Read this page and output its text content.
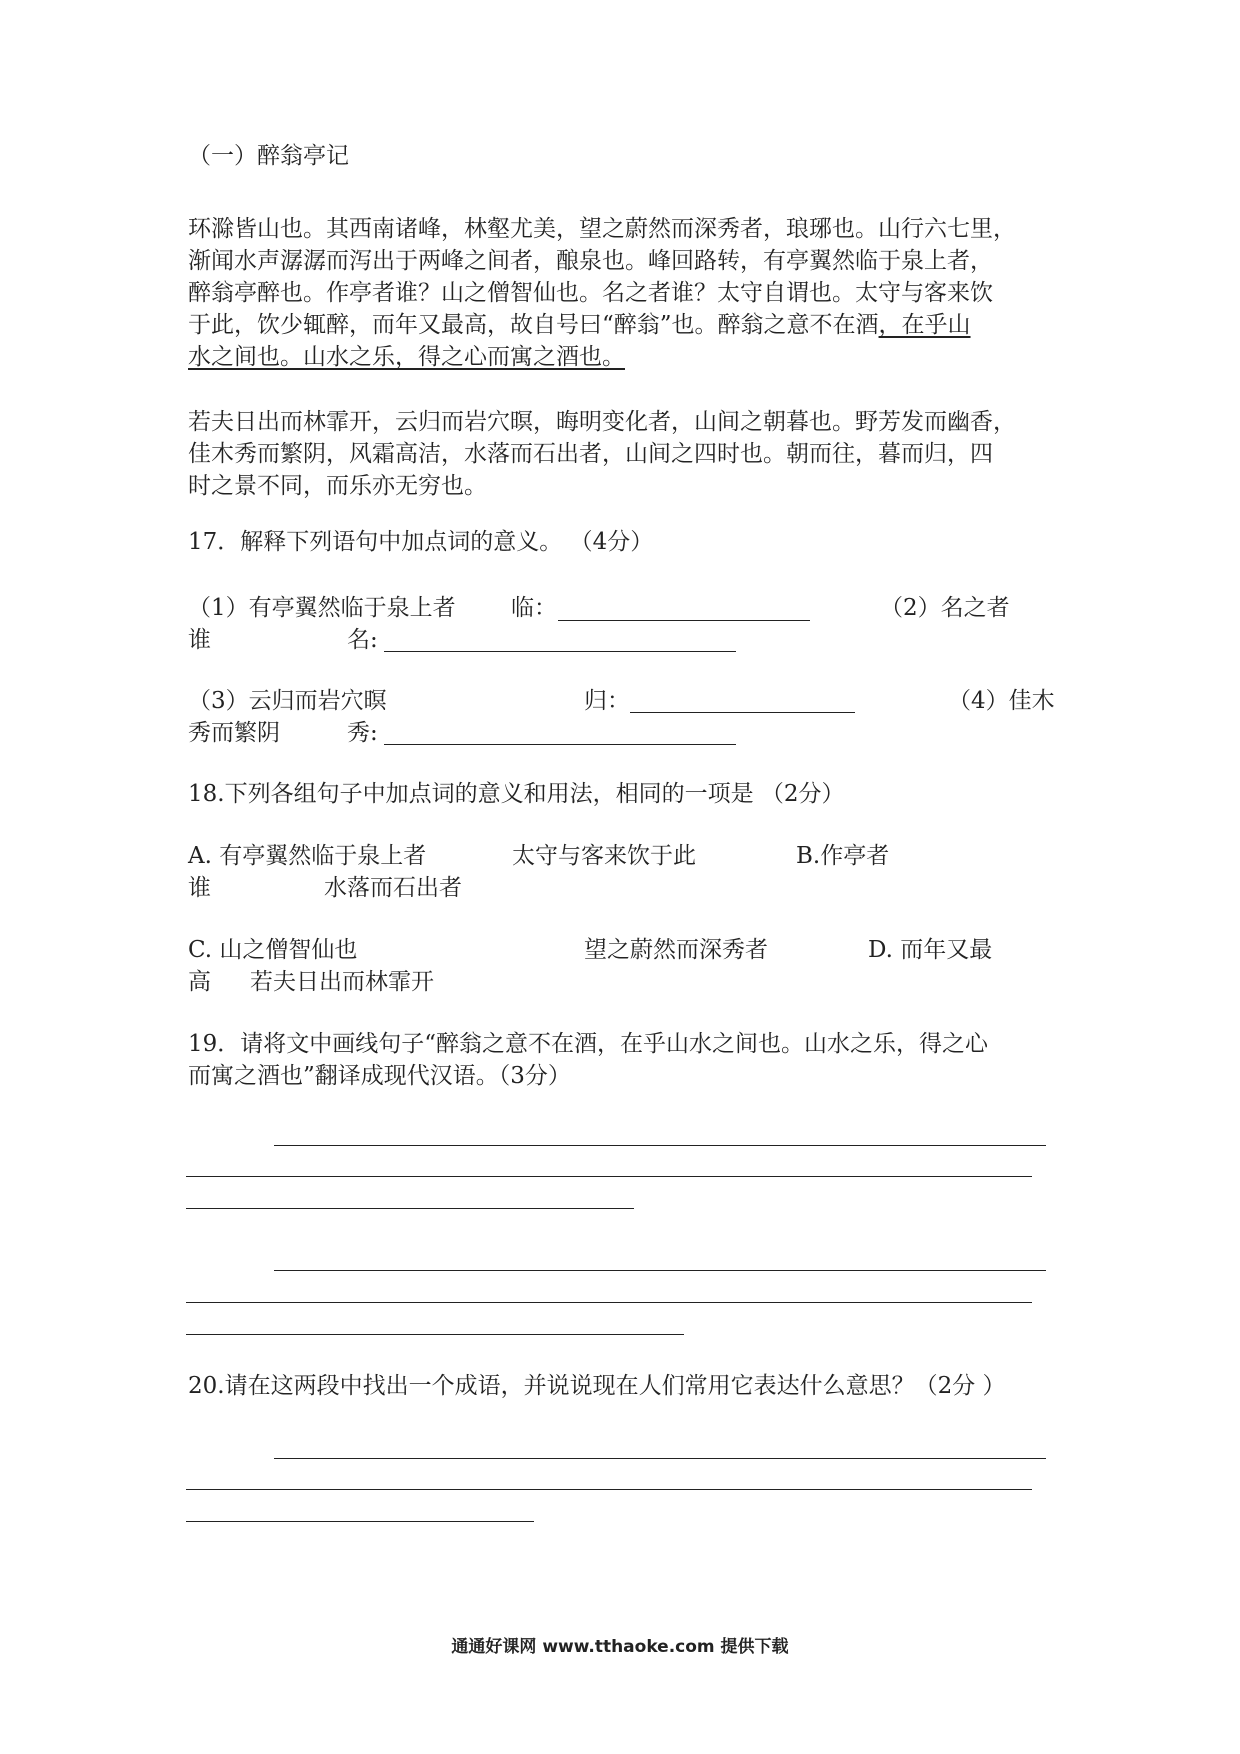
（一）醉翁亭记
环滁皆山也。其西南诸峰，林壑尤美，望之蔚然而深秀者，琅琊也。山行六七里，
渐闻水声潺潺而泻出于两峰之间者，酿泉也。峰回路转，有亭翼然临于泉上者，
醉翁亭醉也。作亭者谁？山之僧智仙也。名之者谁？太守自谓也。太守与客来饮
于此，饮少辄醉，而年又最高，故自号曰“醉翁”也。醉翁之意不在酒，在乎山
水之间也。山水之乐，得之心而寓之酒也。
若夫日出而林霏开，云归而岩穴暝，晦明变化者，山间之朝暮也。野芳发而幽香，
佳木秀而繁阴，风霜高洁，水落而石出者，山间之四时也。朝而往，暮而归，四
时之景不同，而乐亦无穷也。
17．解释下列语句中加点词的意义。 （4分）
（1）有亭翼然临于泉上者 临：	（2）名之者
谁	名:
（3）云归而岩穴暝	归：	（4）佳木
秀而繁阴	秀:
18.下列各组句子中加点词的意义和用法，相同的一项是 （2分）
A. 有亭翼然临于泉上者	太守与客来饮于此	B.作亭者
谁	水落而石出者
C. 山之僧智仙也	望之蔚然而深秀者	D. 而年又最
高 若夫日出而林霏开
19．请将文中画线句子“醉翁之意不在酒，在乎山水之间也。山水之乐，得之心
而寓之酒也”翻译成现代汉语。（3分）
20.请在这两段中找出一个成语，并说说现在人们常用它表达什么意思？（2分 ）
通通好课网 www.tthaoke.com 提供下载
